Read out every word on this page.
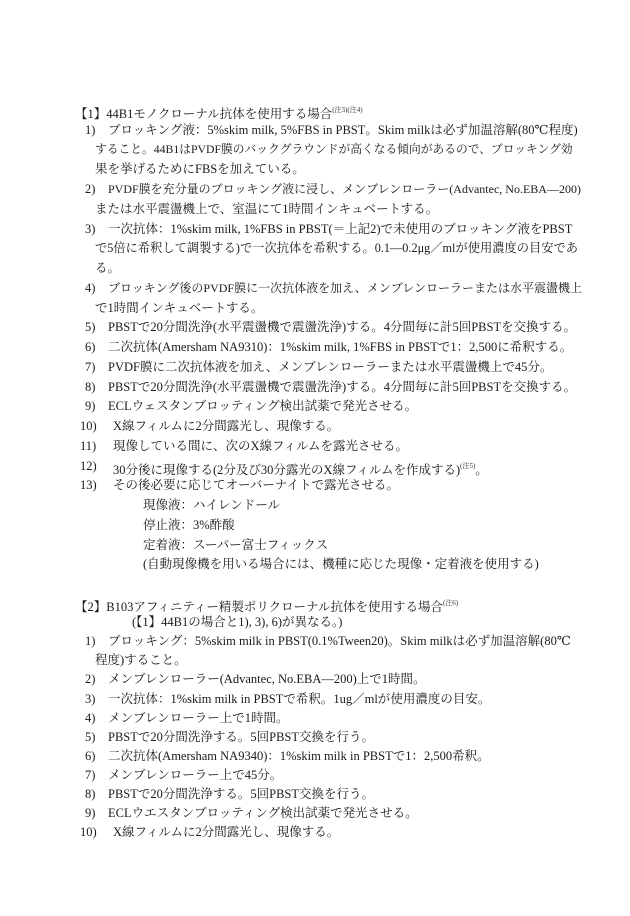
【1】44B1モノクローナル抗体を使用する場合$^{(注3)(注4)}$
1) ブロッキング液：5%skim milk, 5%FBS in PBST。Skim milkは必ず加温溶解(80℃程度)
すること。44B1はPVDF膜のバックグラウンドが高くなる傾向があるので、ブロッキング効
果を挙げるためにFBSを加えている。
2) PVDF膜を充分量のブロッキング液に浸し、メンブレンローラー(Advantec, No.EBA—200)
または水平震盪機上で、室温にて1時間インキュベートする。
3) 一次抗体：1%skim milk, 1%FBS in PBST(＝上記2)で未使用のブロッキング液をPBST
で5倍に希釈して調製する)で一次抗体を希釈する。0.1—0.2μg／mlが使用濃度の目安であ
る。
4) ブロッキング後のPVDF膜に一次抗体液を加え、メンブレンローラーまたは水平震盪機上
で1時間インキュベートする。
5) PBSTで20分間洗浄(水平震盪機で震盪洗浄)する。4分間毎に計5回PBSTを交換する。
6) 二次抗体(Amersham NA9310)：1%skim milk, 1%FBS in PBSTで1：2,500に希釈する。
7) PVDF膜に二次抗体液を加え、メンブレンローラーまたは水平震盪機上で45分。
8) PBSTで20分間洗浄(水平震盪機で震盪洗浄)する。4分間毎に計5回PBSTを交換する。
9) ECLウェスタンブロッティング検出試薬で発光させる。
10) X線フィルムに2分間露光し、現像する。
11) 現像している間に、次のX線フィルムを露光させる。
12) 30分後に現像する(2分及び30分露光のX線フィルムを作成する)$^{(注5)}$。
13) その後必要に応じてオーバーナイトで露光させる。
現像液：ハイレンドール
停止液：3%酢酸
定着液：スーパー富士フィックス
(自動現像機を用いる場合には、機種に応じた現像・定着液を使用する)
【2】B103アフィニティー精製ポリクローナル抗体を使用する場合$^{(注6)}$
(【1】44B1の場合と1), 3), 6)が異なる。)
1) ブロッキング：5%skim milk in PBST(0.1%Tween20)。Skim milkは必ず加温溶解(80℃
程度)すること。
2) メンブレンローラー(Advantec, No.EBA—200)上で1時間。
3) 一次抗体：1%skim milk in PBSTで希釈。1ug／mlが使用濃度の目安。
4) メンブレンローラー上で1時間。
5) PBSTで20分間洗浄する。5回PBST交換を行う。
6) 二次抗体(Amersham NA9340)：1%skim milk in PBSTで1：2,500希釈。
7) メンブレンローラー上で45分。
8) PBSTで20分間洗浄する。5回PBST交換を行う。
9) ECLウエスタンブロッティング検出試薬で発光させる。
10) X線フィルムに2分間露光し、現像する。
